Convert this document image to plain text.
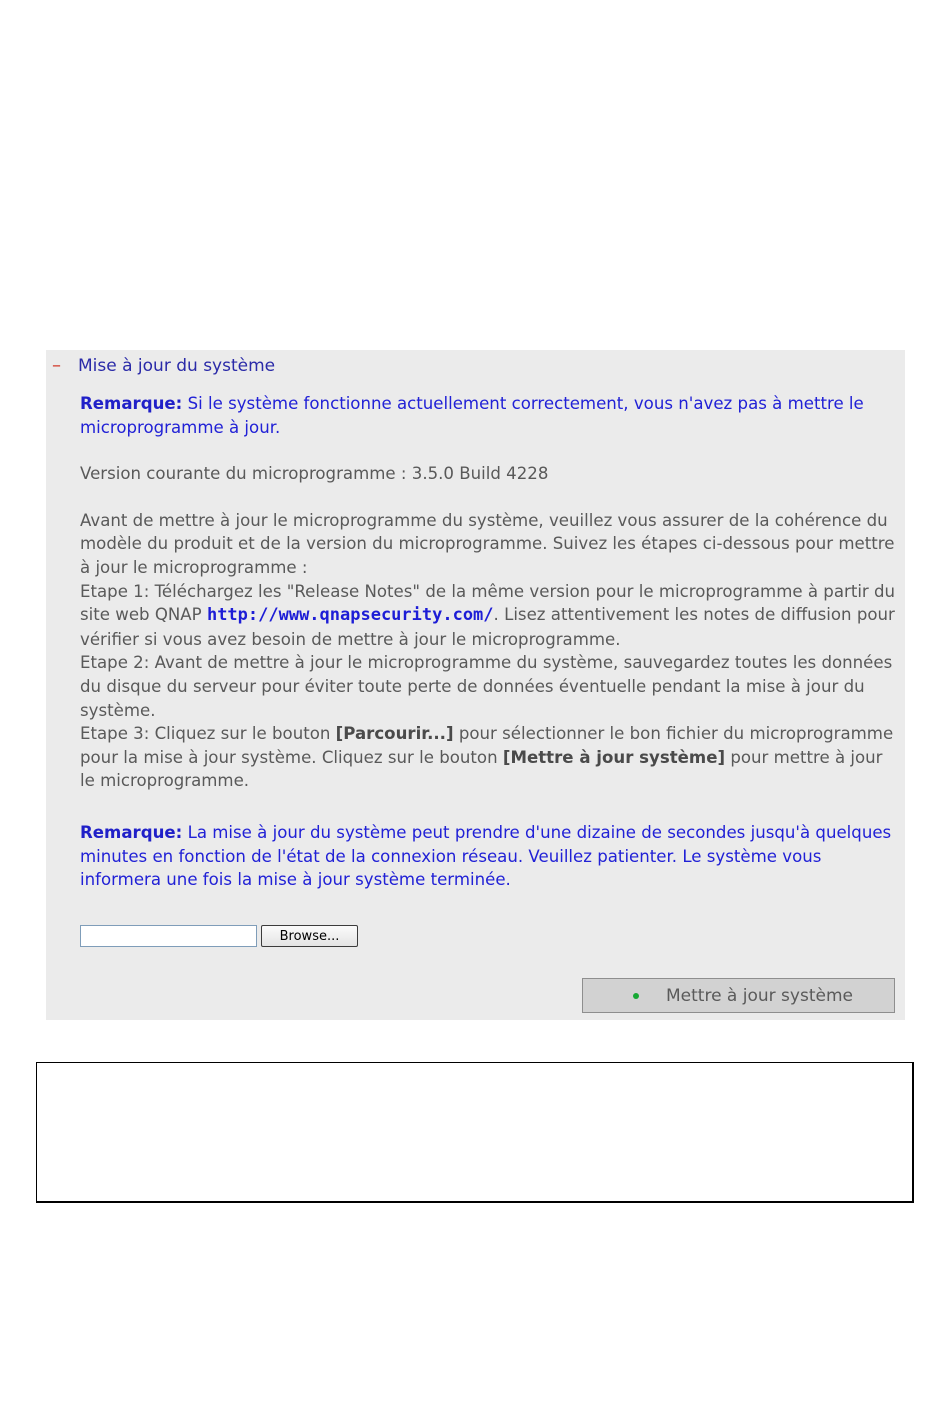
–	Mise à jour du système

Remarque: Si le système fonctionne actuellement correctement, vous n'avez pas à mettre le microprogramme à jour.

Version courante du microprogramme : 3.5.0 Build 4228

Avant de mettre à jour le microprogramme du système, veuillez vous assurer de la cohérence du modèle du produit et de la version du microprogramme. Suivez les étapes ci-dessous pour mettre à jour le microprogramme :

Etape 1: Téléchargez les "Release Notes" de la même version pour le microprogramme à partir du site web QNAP http://www.qnapsecurity.com/. Lisez attentivement les notes de diffusion pour vérifier si vous avez besoin de mettre à jour le microprogramme.

Etape 2: Avant de mettre à jour le microprogramme du système, sauvegardez toutes les données du disque du serveur pour éviter toute perte de données éventuelle pendant la mise à jour du système.

Etape 3: Cliquez sur le bouton [Parcourir...] pour sélectionner le bon fichier du microprogramme pour la mise à jour système. Cliquez sur le bouton [Mettre à jour système] pour mettre à jour le microprogramme.

Remarque: La mise à jour du système peut prendre d'une dizaine de secondes jusqu'à quelques minutes en fonction de l'état de la connexion réseau. Veuillez patienter. Le système vous informera une fois la mise à jour système terminée.

Browse...
Mettre à jour système
